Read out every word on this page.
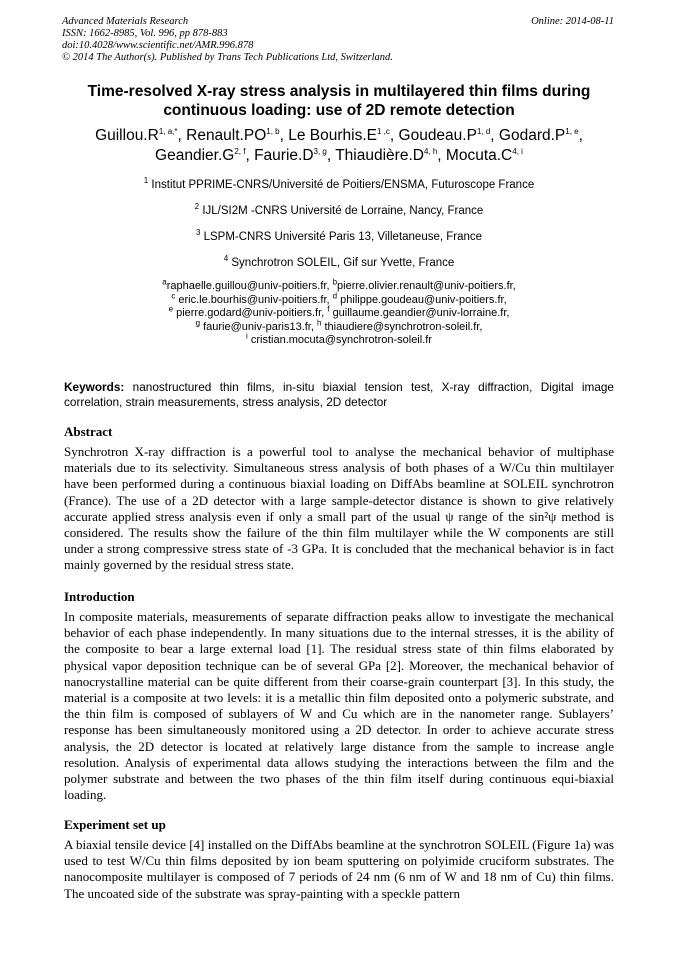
Advanced Materials Research
ISSN: 1662-8985, Vol. 996, pp 878-883
doi:10.4028/www.scientific.net/AMR.996.878
© 2014 The Author(s). Published by Trans Tech Publications Ltd, Switzerland.
Online: 2014-08-11
Time-resolved X-ray stress analysis in multilayered thin films during continuous loading: use of 2D remote detection
$Guillou.R^{1, a,*}$, Renault.PO$^{1, b}$, Le $Bourhis.E^{1 ,c}$, $Goudeau.P^{1, d}$, $Godard.P^{1, e}$,
$Geandier.G^{2, f}$, $Faurie.D^{3, g}$, $Thiaudière.D^{4, h}$, $Mocuta.C^{4, i}$
$^1$ Institut PPRIME-CNRS/Université de Poitiers/ENSMA, Futuroscope France
$^2$ IJL/SI2M -CNRS Université de Lorraine, Nancy, France
$^3$ LSPM-CNRS Université Paris 13, Villetaneuse, France
$^4$ Synchrotron SOLEIL, Gif sur Yvette, France
$^a$raphaelle.guillou@univ-poitiers.fr, $^b$pierre.olivier.renault@univ-poitiers.fr,
$^c$ eric.le.bourhis@univ-poitiers.fr, $^d$ philippe.goudeau@univ-poitiers.fr,
$^e$ pierre.godard@univ-poitiers.fr, $^f$ guillaume.geandier@univ-lorraine.fr,
$^g$ faurie@univ-paris13.fr, $^h$ thiaudiere@synchrotron-soleil.fr,
$^i$ cristian.mocuta@synchrotron-soleil.fr
Keywords: nanostructured thin films, in-situ biaxial tension test, X-ray diffraction, Digital image correlation, strain measurements, stress analysis, 2D detector
Abstract
Synchrotron X-ray diffraction is a powerful tool to analyse the mechanical behavior of multiphase materials due to its selectivity. Simultaneous stress analysis of both phases of a W/Cu thin multilayer have been performed during a continuous biaxial loading on DiffAbs beamline at SOLEIL synchrotron (France). The use of a 2D detector with a large sample-detector distance is shown to give relatively accurate applied stress analysis even if only a small part of the usual ψ range of the sin²ψ method is considered. The results show the failure of the thin film multilayer while the W components are still under a strong compressive stress state of -3 GPa. It is concluded that the mechanical behavior is in fact mainly governed by the residual stress state.
Introduction
In composite materials, measurements of separate diffraction peaks allow to investigate the mechanical behavior of each phase independently. In many situations due to the internal stresses, it is the ability of the composite to bear a large external load [1]. The residual stress state of thin films elaborated by physical vapor deposition technique can be of several GPa [2]. Moreover, the mechanical behavior of nanocrystalline material can be quite different from their coarse-grain counterpart [3]. In this study, the material is a composite at two levels: it is a metallic thin film deposited onto a polymeric substrate, and the thin film is composed of sublayers of W and Cu which are in the nanometer range. Sublayers’ response has been simultaneously monitored using a 2D detector. In order to achieve accurate stress analysis, the 2D detector is located at relatively large distance from the sample to increase angle resolution. Analysis of experimental data allows studying the interactions between the film and the polymer substrate and between the two phases of the thin film itself during continuous equi-biaxial loading.
Experiment set up
A biaxial tensile device [4] installed on the DiffAbs beamline at the synchrotron SOLEIL (Figure 1a) was used to test W/Cu thin films deposited by ion beam sputtering on polyimide cruciform substrates. The nanocomposite multilayer is composed of 7 periods of 24 nm (6 nm of W and 18 nm of Cu) thin films. The uncoated side of the substrate was spray-painting with a speckle pattern
